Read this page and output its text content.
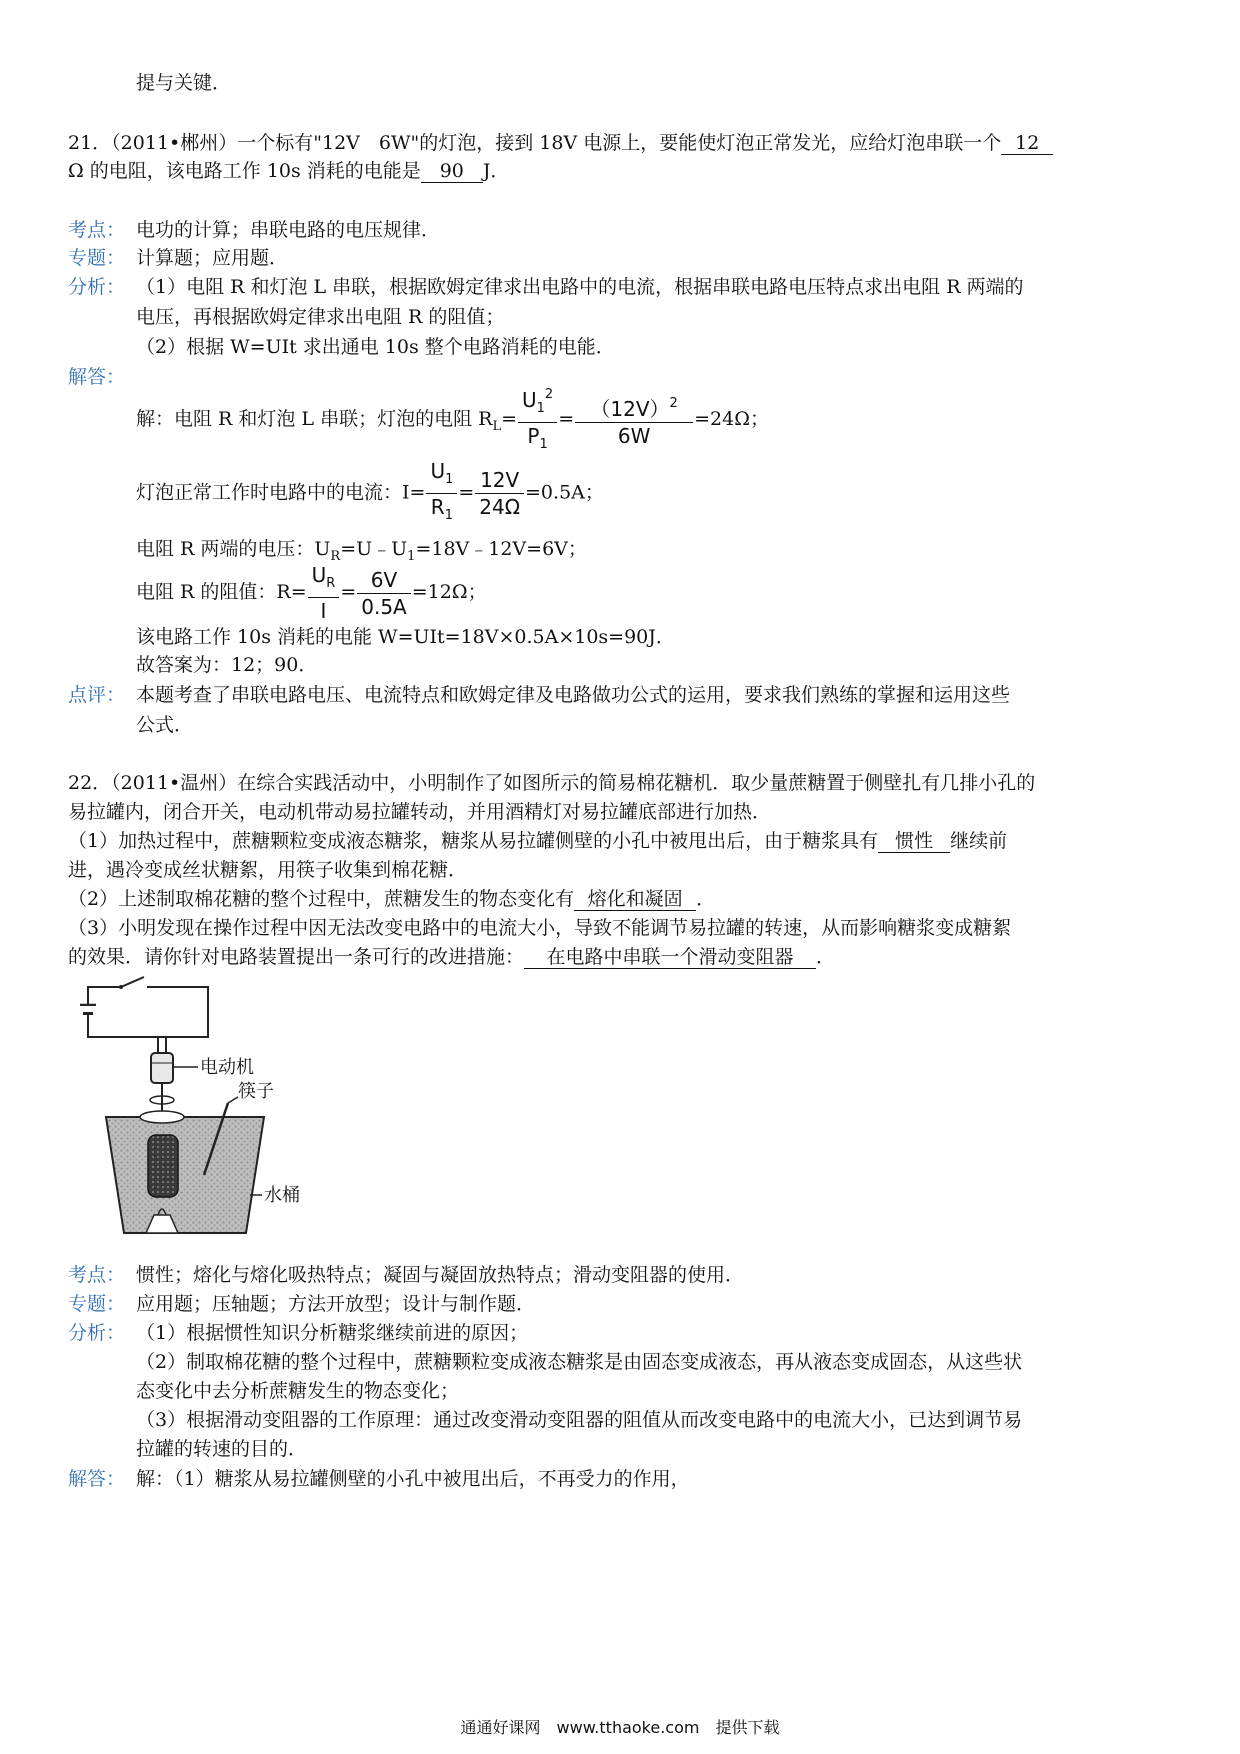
提与关键．
21．（2011•郴州）一个标有"12V　6W"的灯泡，接到 18V 电源上，要能使灯泡正常发光，应给灯泡串联一个 12
Ω 的电阻，该电路工作 10s 消耗的电能是 90 J．
考点： 电功的计算；串联电路的电压规律．
专题： 计算题；应用题．
分析： （1）电阻 R 和灯泡 L 串联，根据欧姆定律求出电路中的电流，根据串联电路电压特点求出电阻 R 两端的
电压，再根据欧姆定律求出电阻 R 的阻值；
（2）根据 W=UIt 求出通电 10s 整个电路消耗的电能．
解答：
解：电阻 R 和灯泡 L 串联；灯泡的电阻 $R_L= \frac{U_1^2}{P_1} = \frac{(12V)^2}{6W} =24\Omega$；
灯泡正常工作时电路中的电流：$I= \frac{U_1}{R_1} = \frac{12V}{24\Omega} =0.5A$；
电阻 R 两端的电压：$U_R=U﹣U_1=18V﹣12V=6V$；
电阻 R 的阻值：$R= \frac{U_R}{I} = \frac{6V}{0.5A} =12\Omega$；
该电路工作 10s 消耗的电能 W=UIt=18V×0.5A×10s=90J．
故答案为：12；90．
点评： 本题考查了串联电路电压、电流特点和欧姆定律及电路做功公式的运用，要求我们熟练的掌握和运用这些
公式．
22．（2011•温州）在综合实践活动中，小明制作了如图所示的简易棉花糖机．取少量蔗糖置于侧壁扎有几排小孔的
易拉罐内，闭合开关，电动机带动易拉罐转动，并用酒精灯对易拉罐底部进行加热．
（1）加热过程中，蔗糖颗粒变成液态糖浆，糖浆从易拉罐侧壁的小孔中被甩出后，由于糖浆具有 惯性 继续前
进，遇冷变成丝状糖絮，用筷子收集到棉花糖．
（2）上述制取棉花糖的整个过程中，蔗糖发生的物态变化有 熔化和凝固 ．
（3）小明发现在操作过程中因无法改变电路中的电流大小，导致不能调节易拉罐的转速，从而影响糖浆变成糖絮
的效果．请你针对电路装置提出一条可行的改进措施： 在电路中串联一个滑动变阻器 ．
电动机
筷子
水桶
考点： 惯性；熔化与熔化吸热特点；凝固与凝固放热特点；滑动变阻器的使用．
专题： 应用题；压轴题；方法开放型；设计与制作题．
分析： （1）根据惯性知识分析糖浆继续前进的原因；
（2）制取棉花糖的整个过程中，蔗糖颗粒变成液态糖浆是由固态变成液态，再从液态变成固态，从这些状
态变化中去分析蔗糖发生的物态变化；
（3）根据滑动变阻器的工作原理：通过改变滑动变阻器的阻值从而改变电路中的电流大小，已达到调节易
拉罐的转速的目的．
解答： 解：（1）糖浆从易拉罐侧壁的小孔中被甩出后，不再受力的作用，
通通好课网　www.tthaoke.com　提供下载
